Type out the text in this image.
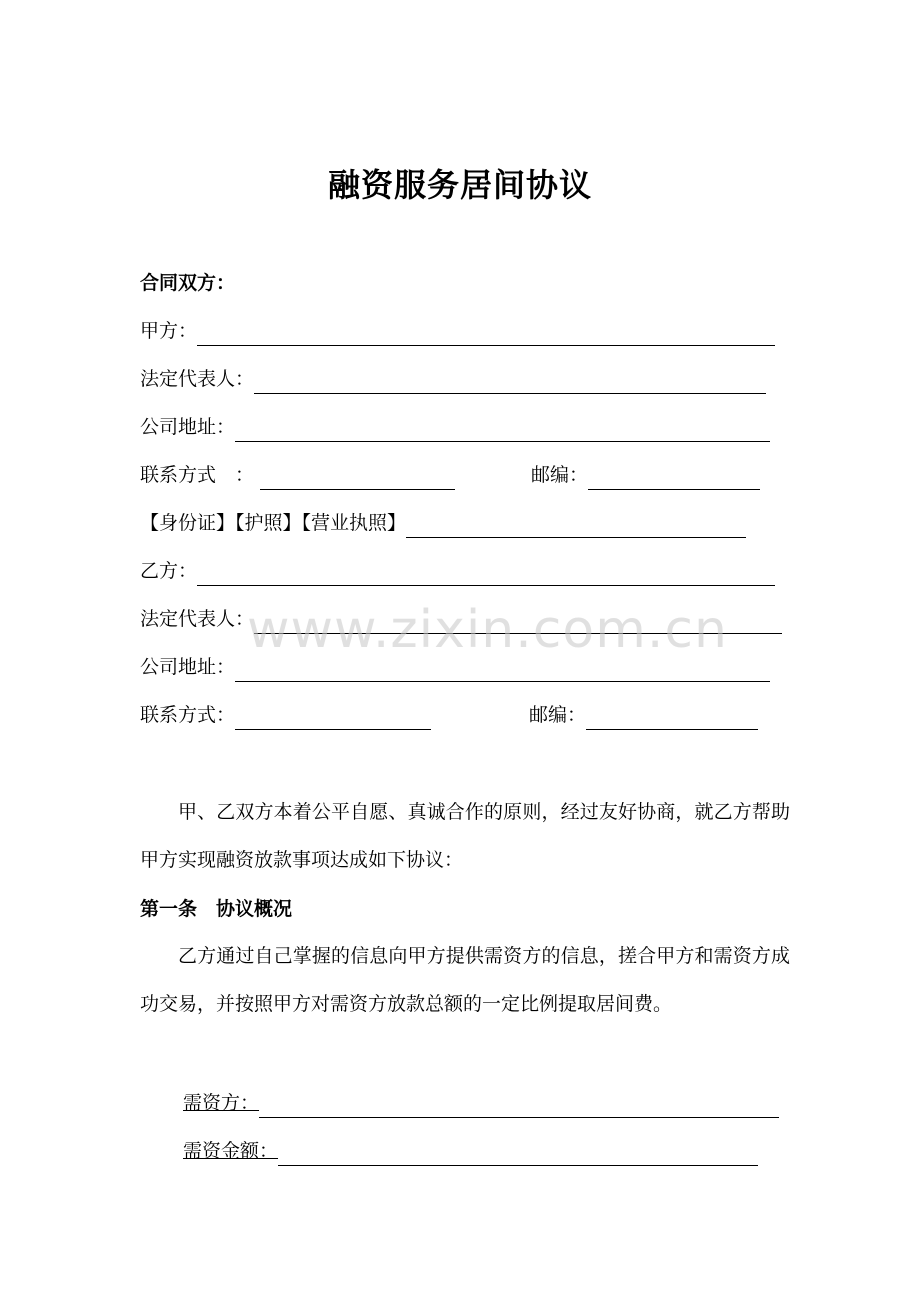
融资服务居间协议
合同双方：
甲方：
法定代表人：
公司地址：
联系方式　：	邮编：
【身份证】【护照】【营业执照】
乙方：
法定代表人：
公司地址：
联系方式：	邮编：
www.zixin.com.cn
甲、乙双方本着公平自愿、真诚合作的原则，经过友好协商，就乙方帮助甲方实现融资放款事项达成如下协议：
第一条　协议概况
乙方通过自己掌握的信息向甲方提供需资方的信息，搓合甲方和需资方成功交易，并按照甲方对需资方放款总额的一定比例提取居间费。
需资方：
需资金额：
